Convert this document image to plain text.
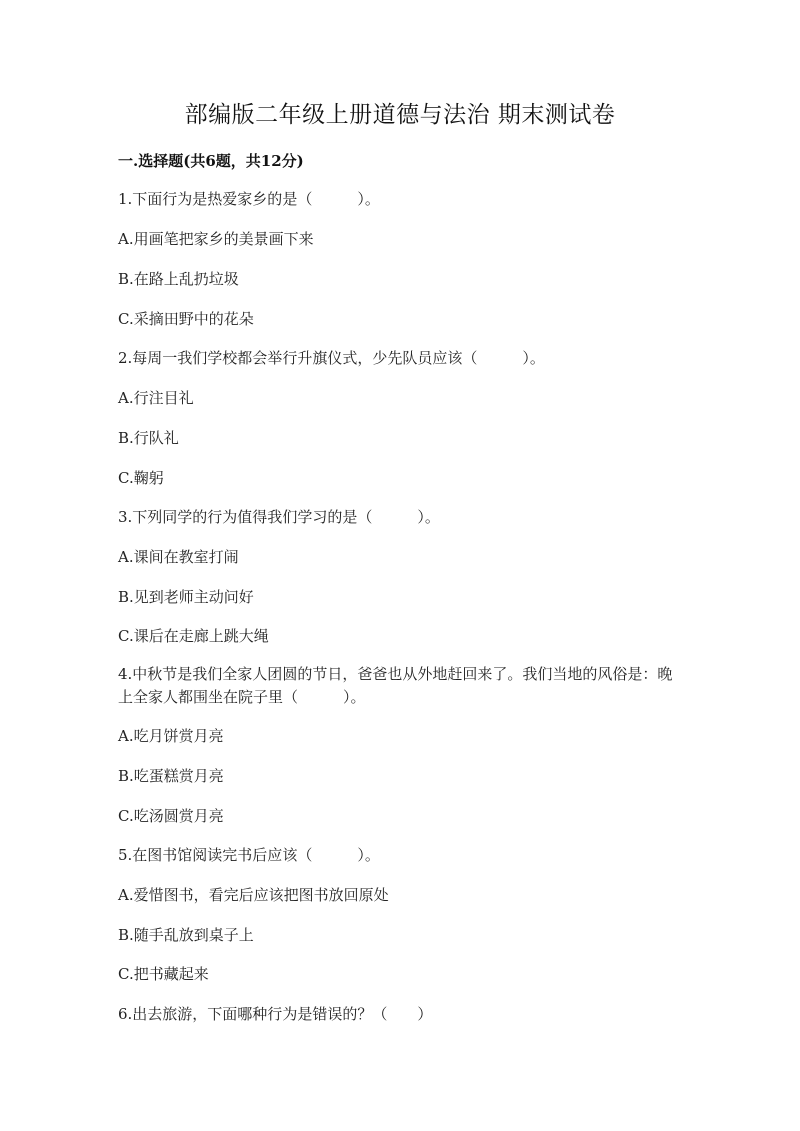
部编版二年级上册道德与法治 期末测试卷
一.选择题(共6题，共12分)
1.下面行为是热爱家乡的是（　　　）。
A.用画笔把家乡的美景画下来
B.在路上乱扔垃圾
C.采摘田野中的花朵
2.每周一我们学校都会举行升旗仪式，少先队员应该（　　　）。
A.行注目礼
B.行队礼
C.鞠躬
3.下列同学的行为值得我们学习的是（　　　）。
A.课间在教室打闹
B.见到老师主动问好
C.课后在走廊上跳大绳
4.中秋节是我们全家人团圆的节日，爸爸也从外地赶回来了。我们当地的风俗是：晚上全家人都围坐在院子里（　　　）。
A.吃月饼赏月亮
B.吃蛋糕赏月亮
C.吃汤圆赏月亮
5.在图书馆阅读完书后应该（　　　）。
A.爱惜图书，看完后应该把图书放回原处
B.随手乱放到桌子上
C.把书藏起来
6.出去旅游，下面哪种行为是错误的？（　　）
